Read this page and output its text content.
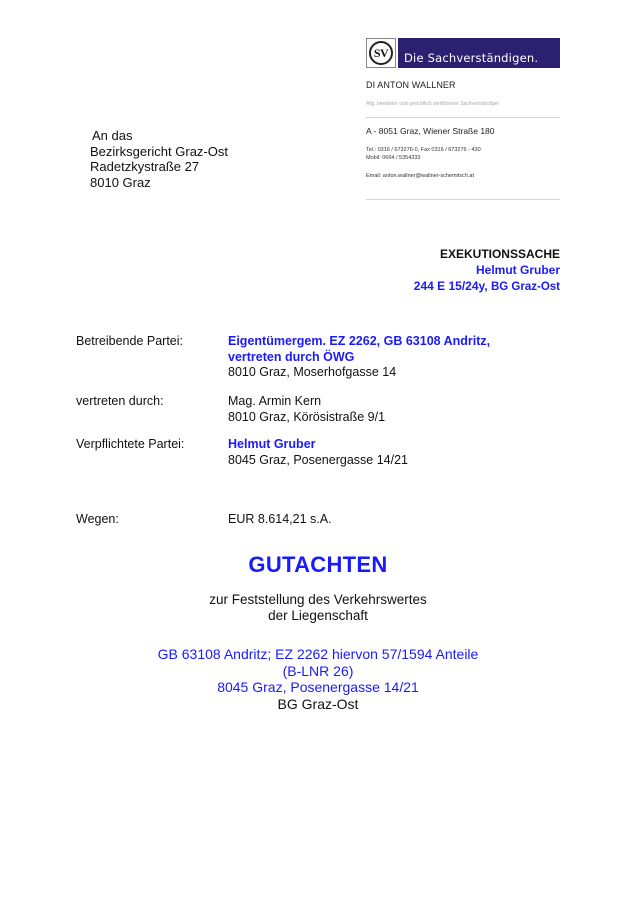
SV	Die Sachverständigen.
DI ANTON WALLNER
Allg. beeideter und gerichtlich zertifizierter Sachverständiger
A - 8051 Graz, Wiener Straße 180
Tel.: 0316 / 673276-0, Fax 0316 / 673276 - 430
Mobil: 0664 / 5354333
Email: anton.wallner@wallner-schemitsch.at
An das
Bezirksgericht Graz-Ost
Radetzkystraße 27
8010 Graz
EXEKUTIONSSACHE
Helmut Gruber
244 E 15/24y, BG Graz-Ost
Betreibende Partei:	Eigentümergem. EZ 2262, GB 63108 Andritz,
vertreten durch ÖWG
8010 Graz, Moserhofgasse 14
vertreten durch:	Mag. Armin Kern
8010 Graz, Körösistraße 9/1
Verpflichtete Partei:	Helmut Gruber
8045 Graz, Posenergasse 14/21
Wegen:	EUR 8.614,21 s.A.
GUTACHTEN
zur Feststellung des Verkehrswertes
der Liegenschaft
GB 63108 Andritz; EZ 2262 hiervon 57/1594 Anteile
(B-LNR 26)
8045 Graz, Posenergasse 14/21
BG Graz-Ost
